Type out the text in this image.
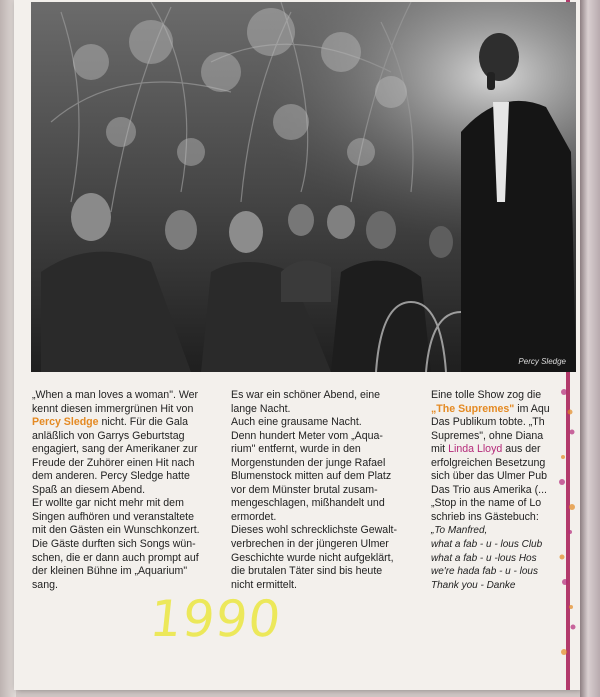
Percy Sledge
„When a man loves a woman". Wer
kennt diesen immergrünen Hit von
Percy Sledge nicht. Für die Gala
anläßlich von Garrys Geburtstag
engagiert, sang der Amerikaner zur
Freude der Zuhörer einen Hit nach
dem anderen. Percy Sledge hatte
Spaß an diesem Abend.
Er wollte gar nicht mehr mit dem
Singen aufhören und veranstaltete
mit den Gästen ein Wunschkonzert.
Die Gäste durften sich Songs wün-
schen, die er dann auch prompt auf
der kleinen Bühne im „Aquarium"
sang.
Es war ein schöner Abend, eine
lange Nacht.
Auch eine grausame Nacht.
Denn hundert Meter vom „Aqua-
rium" entfernt, wurde in den
Morgenstunden der junge Rafael
Blumenstock mitten auf dem Platz
vor dem Münster brutal zusam-
mengeschlagen, mißhandelt und
ermordet.
Dieses wohl schrecklichste Gewalt-
verbrechen in der jüngeren Ulmer
Geschichte wurde nicht aufgeklärt,
die brutalen Täter sind bis heute
nicht ermittelt.
Eine tolle Show zog die
„The Supremes" im Aqu
Das Publikum tobte. „Th
Supremes", ohne Diana
mit Linda Lloyd aus der
erfolgreichen Besetzung
sich über das Ulmer Pub
Das Trio aus Amerika (...
„Stop in the name of Lo
schrieb ins Gästebuch:
„To Manfred,
what a fab - u - lous Club
what a fab - u -lous Hos
we're hada fab - u - lous
Thank you - Danke
1990
